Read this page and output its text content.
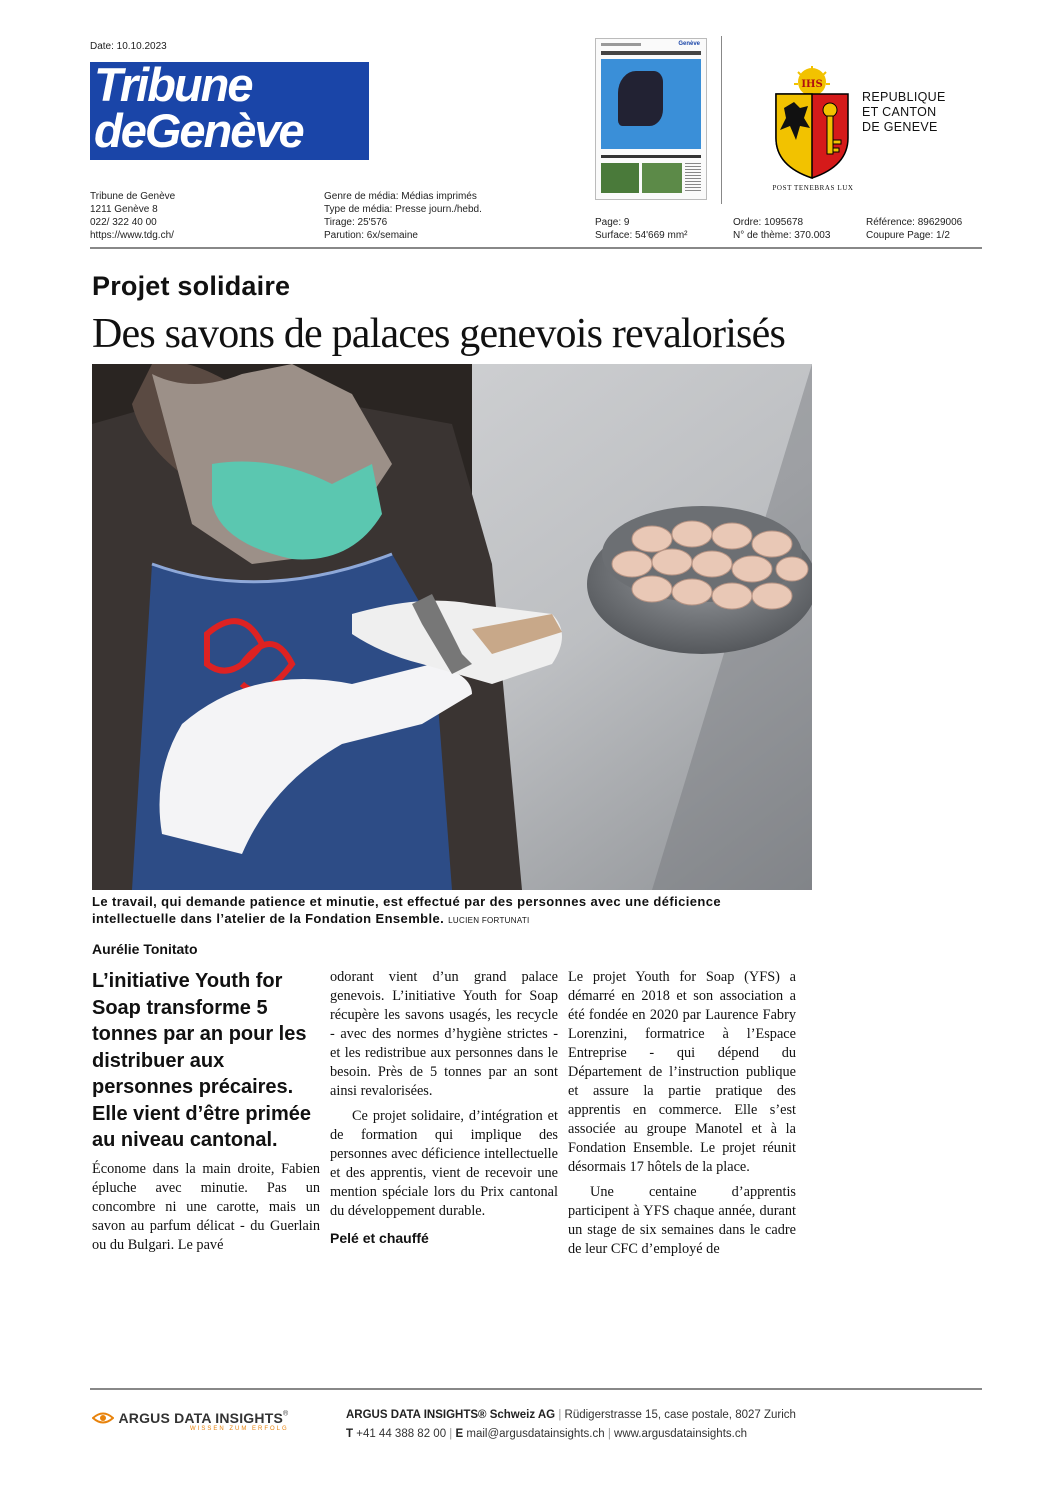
Date: 10.10.2023
Tribune
deGenève
Genève
IHS
POST TENEBRAS LUX
REPUBLIQUE
ET CANTON
DE GENEVE
Tribune de Genève
1211 Genève 8
022/ 322 40 00
https://www.tdg.ch/
Genre de média: Médias imprimés
Type de média: Presse journ./hebd.
Tirage: 25'576
Parution: 6x/semaine
Page: 9
Surface: 54'669 mm²
Ordre: 1095678
N° de thème: 370.003
Référence: 89629006
Coupure Page: 1/2
Projet solidaire
Des savons de palaces genevois revalorisés
Le travail, qui demande patience et minutie, est effectué par des personnes avec une déficience intellectuelle dans l’atelier de la Fondation Ensemble. LUCIEN FORTUNATI
Aurélie Tonitato
L’initiative Youth for Soap transforme 5 tonnes par an pour les distribuer aux personnes précaires. Elle vient d’être primée au niveau cantonal.

Économe dans la main droite, Fabien épluche avec minutie. Pas un concombre ni une carotte, mais un savon au parfum délicat - du Guerlain ou du Bulgari. Le pavé

odorant vient d’un grand palace genevois. L’initiative Youth for Soap récupère les savons usagés, les recycle - avec des normes d’hygiène strictes - et les redistribue aux personnes dans le besoin. Près de 5 tonnes par an sont ainsi revalorisées.

Ce projet solidaire, d’intégration et de formation qui implique des personnes avec déficience intellectuelle et des apprentis, vient de recevoir une mention spéciale lors du Prix cantonal du développement durable.

Pelé et chauffé

Le projet Youth for Soap (YFS) a démarré en 2018 et son association a été fondée en 2020 par Laurence Fabry Lorenzini, formatrice à l’Espace Entreprise - qui dépend du Département de l’instruction publique et assure la partie pratique des apprentis en commerce. Elle s’est associée au groupe Manotel et à la Fondation Ensemble. Le projet réunit désormais 17 hôtels de la place.

Une centaine d’apprentis participent à YFS chaque année, durant un stage de six semaines dans le cadre de leur CFC d’employé de

ARGUS DATA INSIGHTS®
WISSEN ZUM ERFOLG
ARGUS DATA INSIGHTS® Schweiz AG | Rüdigerstrasse 15, case postale, 8027 Zurich
T +41 44 388 82 00 | E mail@argusdatainsights.ch | www.argusdatainsights.ch
